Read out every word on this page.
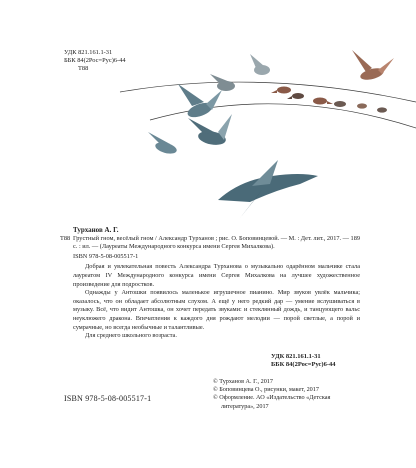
УДК 821.161.1-31
ББК 84(2Рос=Рус)6-44
Т88
Турханов А. Г.
Т88 Грустный гном, весёлый гном / Александр Турханов ; рис. О. Боповинцевой. — М. : Дет. лит., 2017. — 189 с. : ил. — (Лауреаты Международного конкурса имени Сергея Михалкова).
ISBN 978-5-08-005517-1

Добрая и увлекательная повесть Александра Турханова о музыкально одарённом мальчике стала лауреатом IV Международного конкурса имени Сергея Михалкова на лучшее художественное произведение для подростков.

Однажды у Антошки появилось маленькое игрушечное пианино. Мир звуков увлёк мальчика; оказалось, что он обладает абсолютным слухом. А ещё у него редкий дар — умение вслушиваться в музыку. Всё, что видит Антошка, он хочет передать звуками: и стеклянный дождь, и танцующего вальс неуклюжего дракона. Впечатления к каждого дня рождают мелодии — порой светлые, а порой и сумрачные, но всегда необычные и талантливые.

Для среднего школьного возраста.

УДК 821.161.1-31
ББК 84(2Рос=Рус)6-44
© Турханов А. Г., 2017
© Боповинцева О., рисунки, макет, 2017
© Оформление. АО «Издательство «Детская
литература», 2017
ISBN 978-5-08-005517-1
